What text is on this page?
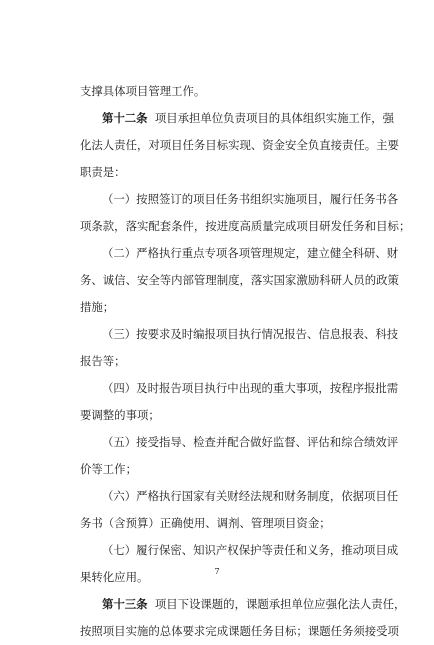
支撑具体项目管理工作。
第十二条 项目承担单位负责项目的具体组织实施工作，强
化法人责任，对项目任务目标实现、资金安全负直接责任。主要
职责是：
（一）按照签订的项目任务书组织实施项目，履行任务书各
项条款，落实配套条件，按进度高质量完成项目研发任务和目标；
（二）严格执行重点专项各项管理规定，建立健全科研、财
务、诚信、安全等内部管理制度，落实国家激励科研人员的政策
措施；
（三）按要求及时编报项目执行情况报告、信息报表、科技
报告等；
（四）及时报告项目执行中出现的重大事项，按程序报批需
要调整的事项；
（五）接受指导、检查并配合做好监督、评估和综合绩效评
价等工作；
（六）严格执行国家有关财经法规和财务制度，依据项目任
务书（含预算）正确使用、调剂、管理项目资金；
（七）履行保密、知识产权保护等责任和义务，推动项目成
果转化应用。
第十三条 项目下设课题的，课题承担单位应强化法人责任，
按照项目实施的总体要求完成课题任务目标；课题任务须接受项
7
